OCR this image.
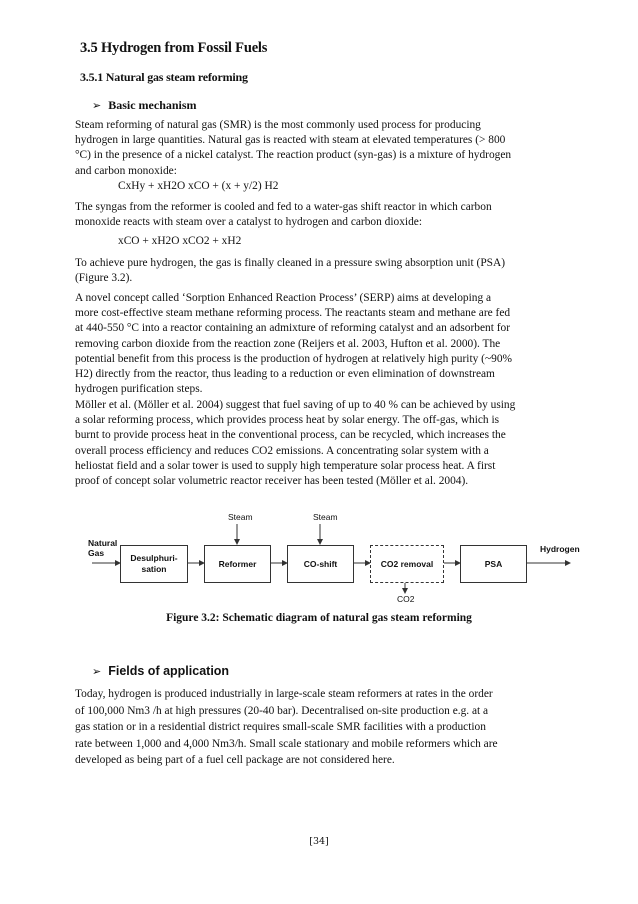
3.5 Hydrogen from Fossil Fuels
3.5.1 Natural gas steam reforming
➢ Basic mechanism
Steam reforming of natural gas (SMR) is the most commonly used process for producing
hydrogen in large quantities. Natural gas is reacted with steam at elevated temperatures (> 800
°C) in the presence of a nickel catalyst. The reaction product (syn-gas) is a mixture of hydrogen
and carbon monoxide:
CxHy + xH2O xCO + (x + y/2) H2
The syngas from the reformer is cooled and fed to a water-gas shift reactor in which carbon
monoxide reacts with steam over a catalyst to hydrogen and carbon dioxide:
xCO + xH2O xCO2 + xH2
To achieve pure hydrogen, the gas is finally cleaned in a pressure swing absorption unit (PSA)
(Figure 3.2).
A novel concept called ‘Sorption Enhanced Reaction Process’ (SERP) aims at developing a
more cost-effective steam methane reforming process. The reactants steam and methane are fed
at 440-550 °C into a reactor containing an admixture of reforming catalyst and an adsorbent for
removing carbon dioxide from the reaction zone (Reijers et al. 2003, Hufton et al. 2000). The
potential benefit from this process is the production of hydrogen at relatively high purity (~90%
H2) directly from the reactor, thus leading to a reduction or even elimination of downstream
hydrogen purification steps.
Möller et al. (Möller et al. 2004) suggest that fuel saving of up to 40 % can be achieved by using
a solar reforming process, which provides process heat by solar energy. The off-gas, which is
burnt to provide process heat in the conventional process, can be recycled, which increases the
overall process efficiency and reduces CO2 emissions. A concentrating solar system with a
heliostat field and a solar tower is used to supply high temperature solar process heat. A first
proof of concept solar volumetric reactor receiver has been tested (Möller et al. 2004).
Steam	Steam
Natural
Gas	Desulphuri-
sation
Reformer	CO-shift	CO2 removal	PSA
Hydrogen
CO2
Figure 3.2: Schematic diagram of natural gas steam reforming
➢ Fields of application
Today, hydrogen is produced industrially in large-scale steam reformers at rates in the order
of 100,000 Nm3 /h at high pressures (20-40 bar). Decentralised on-site production e.g. at a
gas station or in a residential district requires small-scale SMR facilities with a production
rate between 1,000 and 4,000 Nm3/h. Small scale stationary and mobile reformers which are
developed as being part of a fuel cell package are not considered here.
[34]
